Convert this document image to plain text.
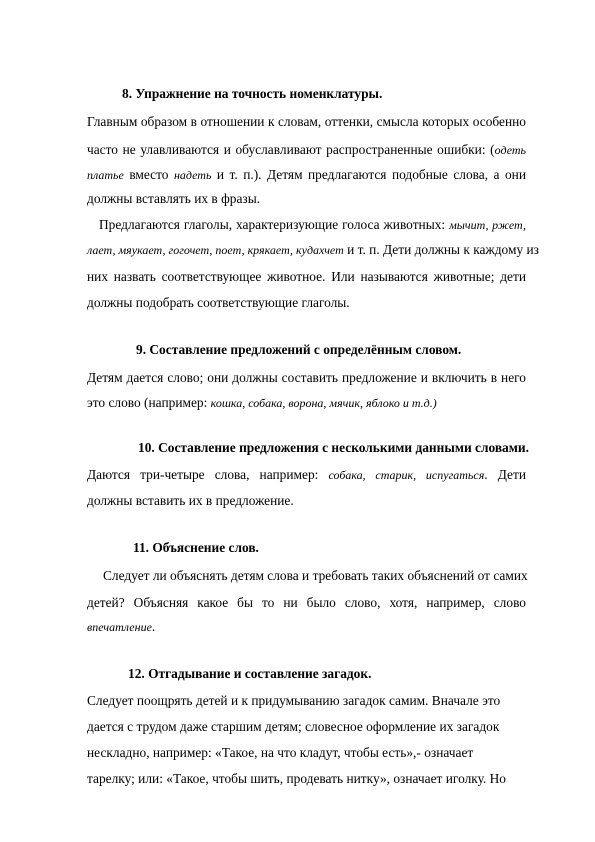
8. Упражнение на точность номенклатуры.
Главным образом в отношении к словам, оттенки, смысла которых особенно
часто не улавливаются и обуславливают распространенные ошибки: (одеть
платье вместо надеть и т. п.). Детям предлагаются подобные слова, а они
должны вставлять их в фразы.
Предлагаются глаголы, характеризующие голоса животных: мычит, ржет,
лает, мяукает, гогочет, поет, крякает, кудахчет и т. п. Дети должны к каждому из
них назвать соответствующее животное. Или называются животные; дети
должны подобрать соответствующие глаголы.
9. Составление предложений с определённым словом.
Детям дается слово; они должны составить предложение и включить в него
это слово (например: кошка, собака, ворона, мячик, яблоко и т.д.)
10. Составление предложения с несколькими данными словами.
Даются три-четыре слова, например: собака, старик, испугаться. Дети
должны вставить их в предложение.
11. Объяснение слов.
Следует ли объяснять детям слова и требовать таких объяснений от самих
детей? Объясняя какое бы то ни было слово, хотя, например, слово
впечатление.
12. Отгадывание и составление загадок.
Следует поощрять детей и к придумыванию загадок самим. Вначале это
дается с трудом даже старшим детям; словесное оформление их загадок
нескладно, например: «Такое, на что кладут, чтобы есть»,- означает
тарелку; или: «Такое, чтобы шить, продевать нитку», означает иголку. Но
